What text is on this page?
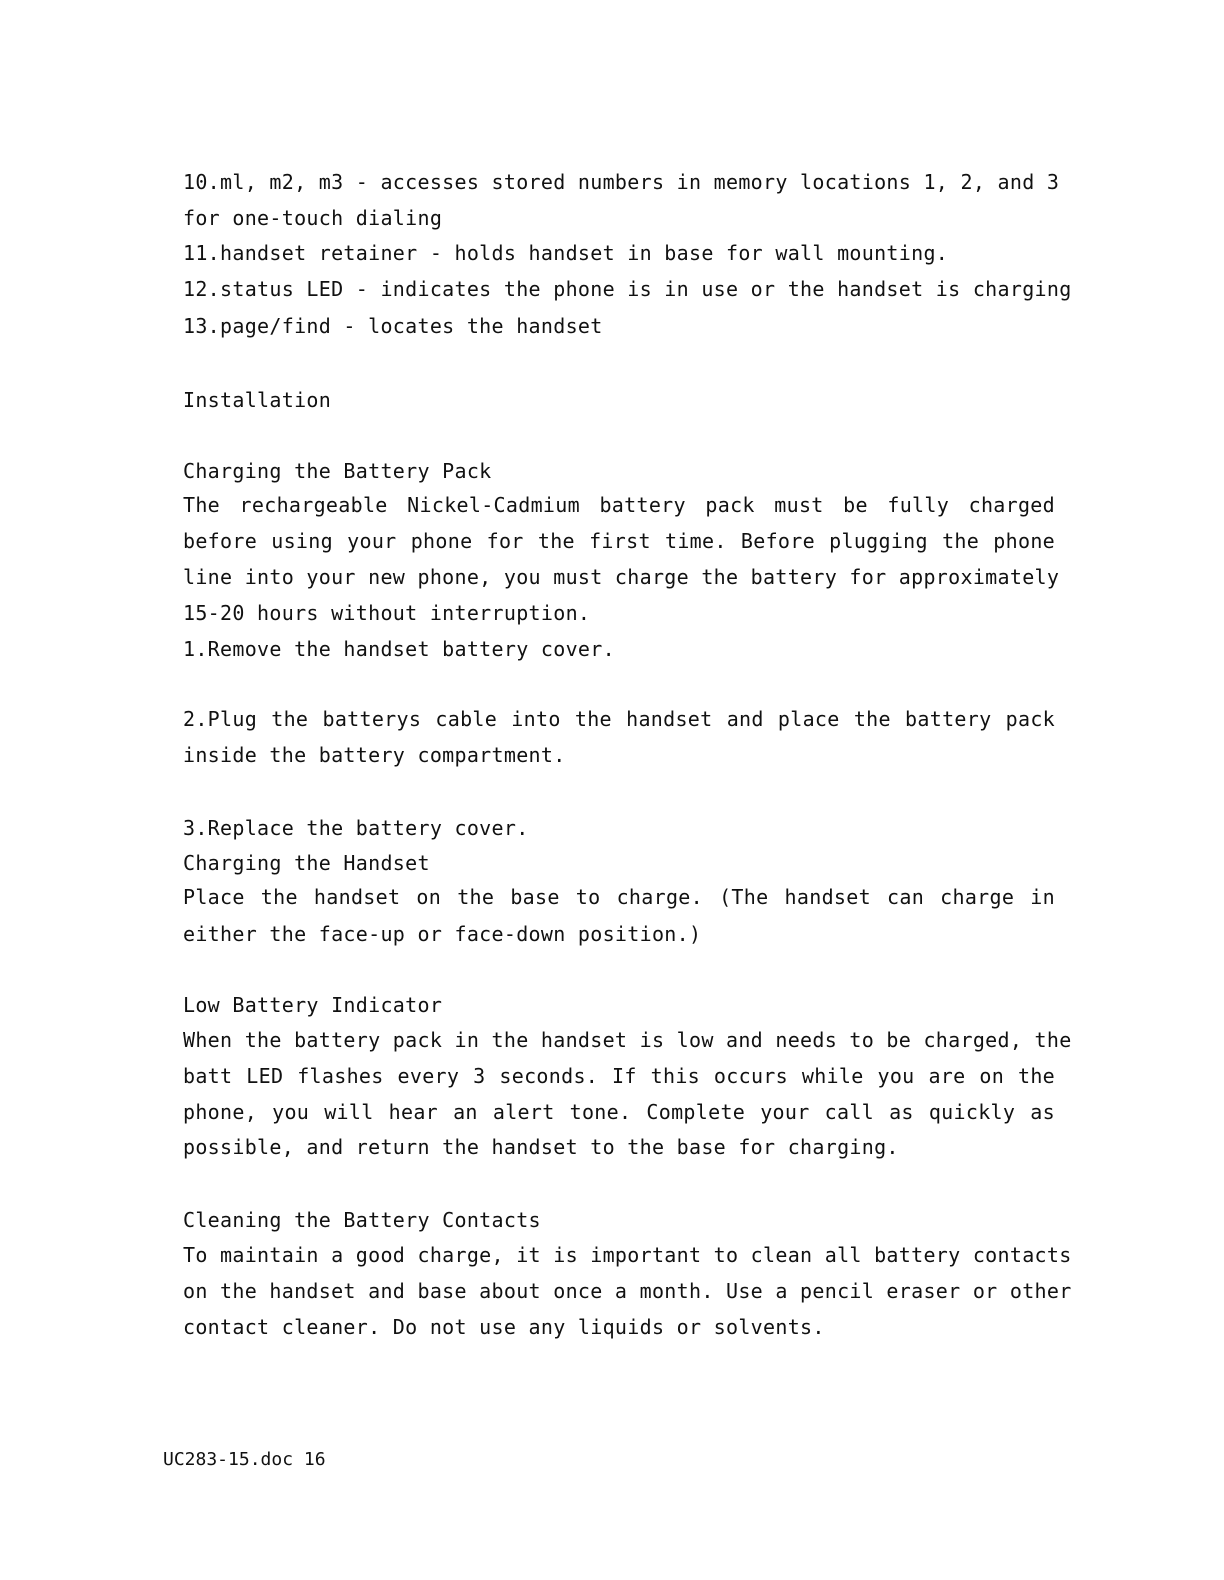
10.ml, m2, m3 - accesses stored numbers in memory locations 1, 2, and 3
for one-touch dialing
11.handset retainer - holds handset in base for wall mounting.
12.status LED - indicates the phone is in use or the handset is charging
13.page/find - locates the handset
Installation
Charging the Battery Pack
The rechargeable Nickel-Cadmium battery pack must be fully charged
before using your phone for the first time. Before plugging the phone
line into your new phone, you must charge the battery for approximately
15-20 hours without interruption.
1.Remove the handset battery cover.
2.Plug the batterys cable into the handset and place the battery pack
inside the battery compartment.
3.Replace the battery cover.
Charging the Handset
Place the handset on the base to charge. (The handset can charge in
either the face-up or face-down position.)
Low Battery Indicator
When the battery pack in the handset is low and needs to be charged, the
batt LED flashes every 3 seconds. If this occurs while you are on the
phone, you will hear an alert tone. Complete your call as quickly as
possible, and return the handset to the base for charging.
Cleaning the Battery Contacts
To maintain a good charge, it is important to clean all battery contacts
on the handset and base about once a month. Use a pencil eraser or other
contact cleaner. Do not use any liquids or solvents.
UC283-15.doc 16
